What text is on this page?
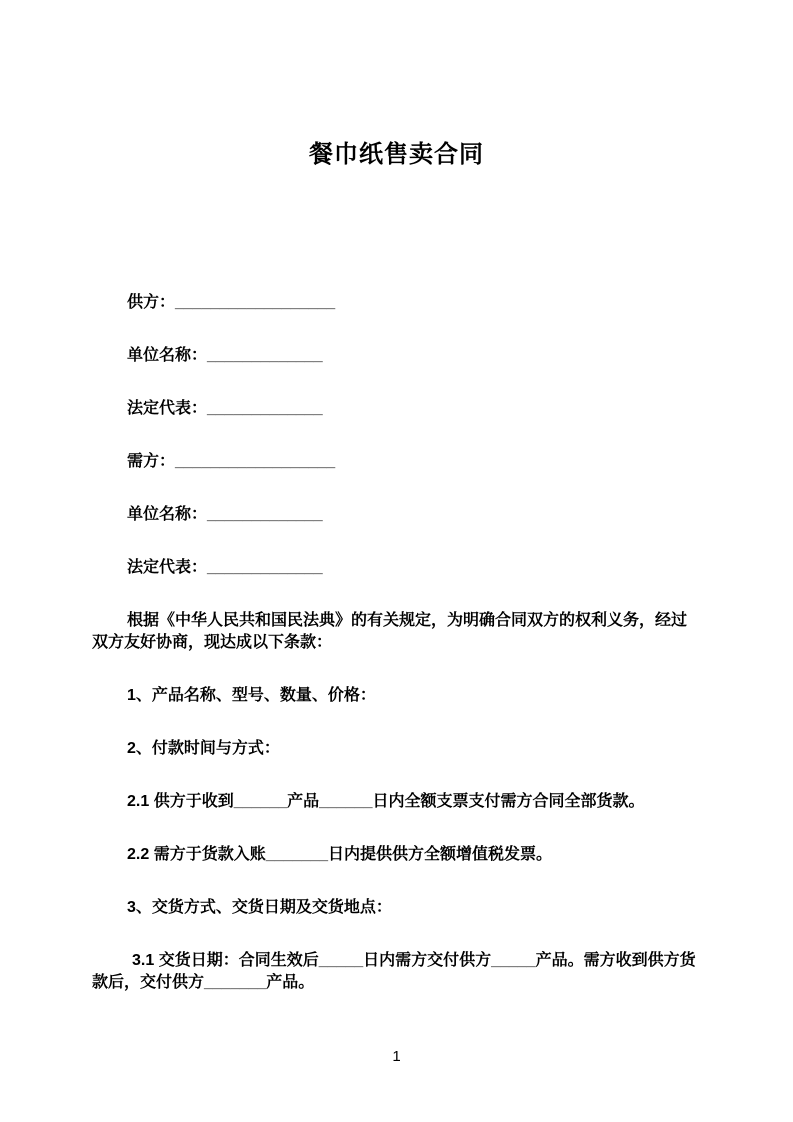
餐巾纸售卖合同

供方：__________________

单位名称：_____________

法定代表：_____________

需方：__________________

单位名称：_____________

法定代表：_____________

根据《中华人民共和国民法典》的有关规定，为明确合同双方的权利义务，经过双方友好协商，现达成以下条款：

1、产品名称、型号、数量、价格：

2、付款时间与方式：

2.1 供方于收到______产品______日内全额支票支付需方合同全部货款。

2.2 需方于货款入账_______日内提供供方全额增值税发票。

3、交货方式、交货日期及交货地点：

3.1 交货日期：合同生效后_____日内需方交付供方_____产品。需方收到供方货款后，交付供方_______产品。

1
